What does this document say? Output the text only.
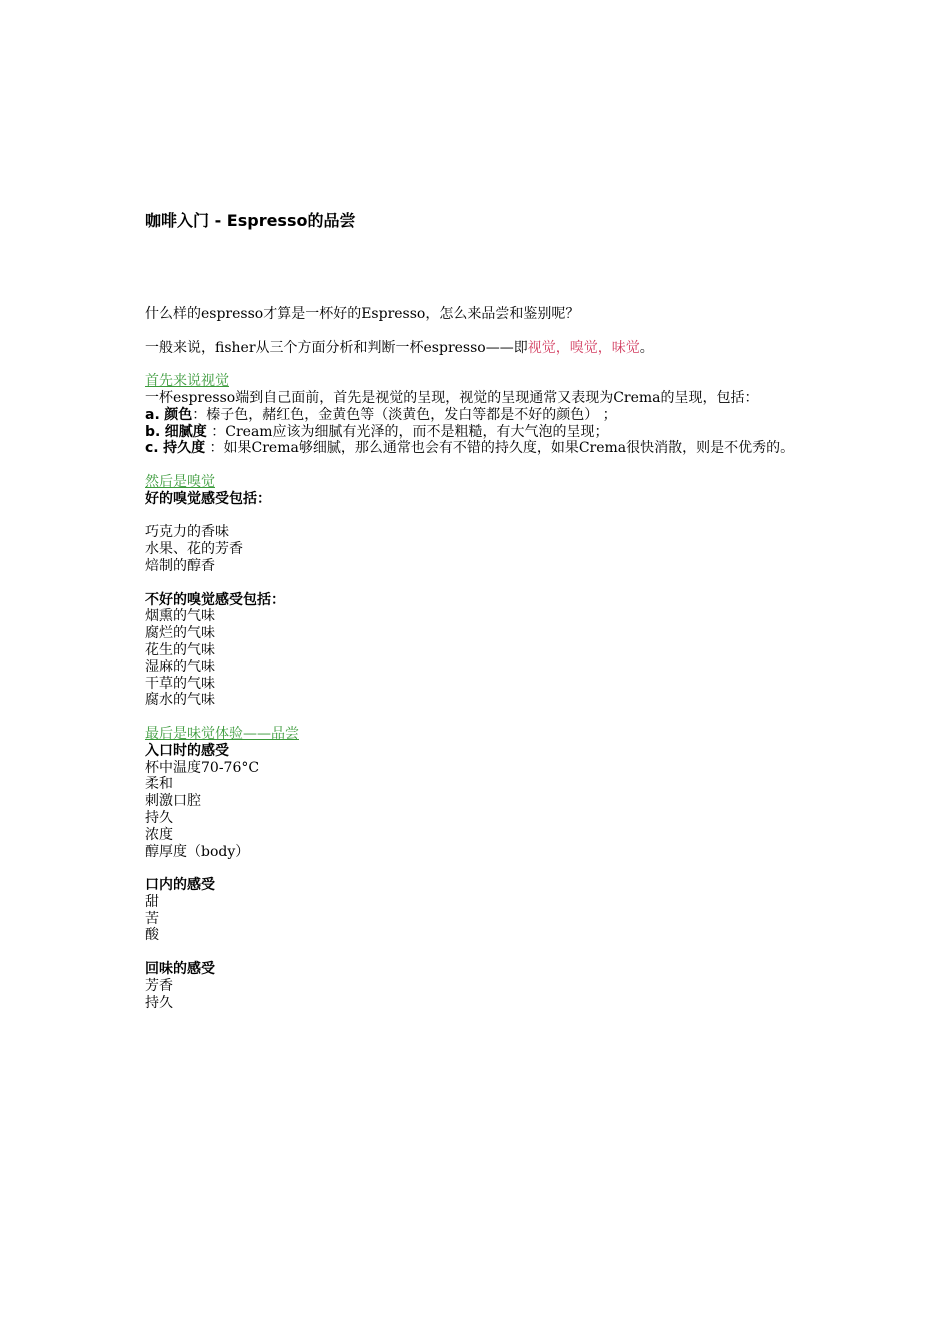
咖啡入门 - Espresso的品尝
什么样的espresso才算是一杯好的Espresso，怎么来品尝和鉴别呢？
一般来说，fisher从三个方面分析和判断一杯espresso——即视觉，嗅觉，味觉。
首先来说视觉
一杯espresso端到自己面前，首先是视觉的呈现，视觉的呈现通常又表现为Crema的呈现，包括：
a. 颜色：榛子色，赭红色，金黄色等（淡黄色，发白等都是不好的颜色） ；
b. 细腻度 ：Cream应该为细腻有光泽的，而不是粗糙，有大气泡的呈现；
c. 持久度 ：如果Crema够细腻，那么通常也会有不错的持久度，如果Crema很快消散，则是不优秀的。
然后是嗅觉
好的嗅觉感受包括：
巧克力的香味
水果、花的芳香
焙制的醇香
不好的嗅觉感受包括：
烟熏的气味
腐烂的气味
花生的气味
湿麻的气味
干草的气味
腐水的气味
最后是味觉体验——品尝
入口时的感受
杯中温度70-76°C
柔和
刺激口腔
持久
浓度
醇厚度（body）
口内的感受
甜
苦
酸
回味的感受
芳香
持久
